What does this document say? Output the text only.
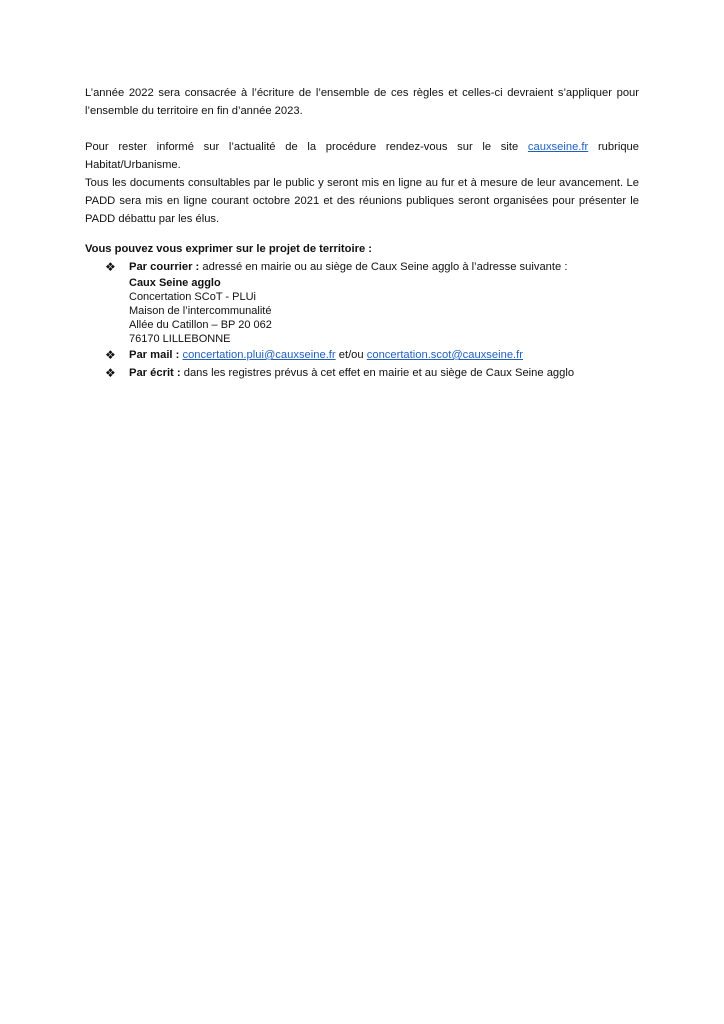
L’année 2022 sera consacrée à l’écriture de l’ensemble de ces règles et celles-ci devraient s’appliquer pour l’ensemble du territoire en fin d’année 2023.

Pour rester informé sur l’actualité de la procédure rendez-vous sur le site cauxseine.fr rubrique Habitat/Urbanisme.

Tous les documents consultables par le public y seront mis en ligne au fur et à mesure de leur avancement. Le PADD sera mis en ligne courant octobre 2021 et des réunions publiques seront organisées pour présenter le PADD débattu par les élus.

Vous pouvez vous exprimer sur le projet de territoire :

❖ Par courrier : adressé en mairie ou au siège de Caux Seine agglo à l’adresse suivante :
Caux Seine agglo
Concertation SCoT - PLUi
Maison de l’intercommunalité
Allée du Catillon – BP 20 062
76170 LILLEBONNE
❖ Par mail : concertation.plui@cauxseine.fr et/ou concertation.scot@cauxseine.fr
❖ Par écrit : dans les registres prévus à cet effet en mairie et au siège de Caux Seine agglo
